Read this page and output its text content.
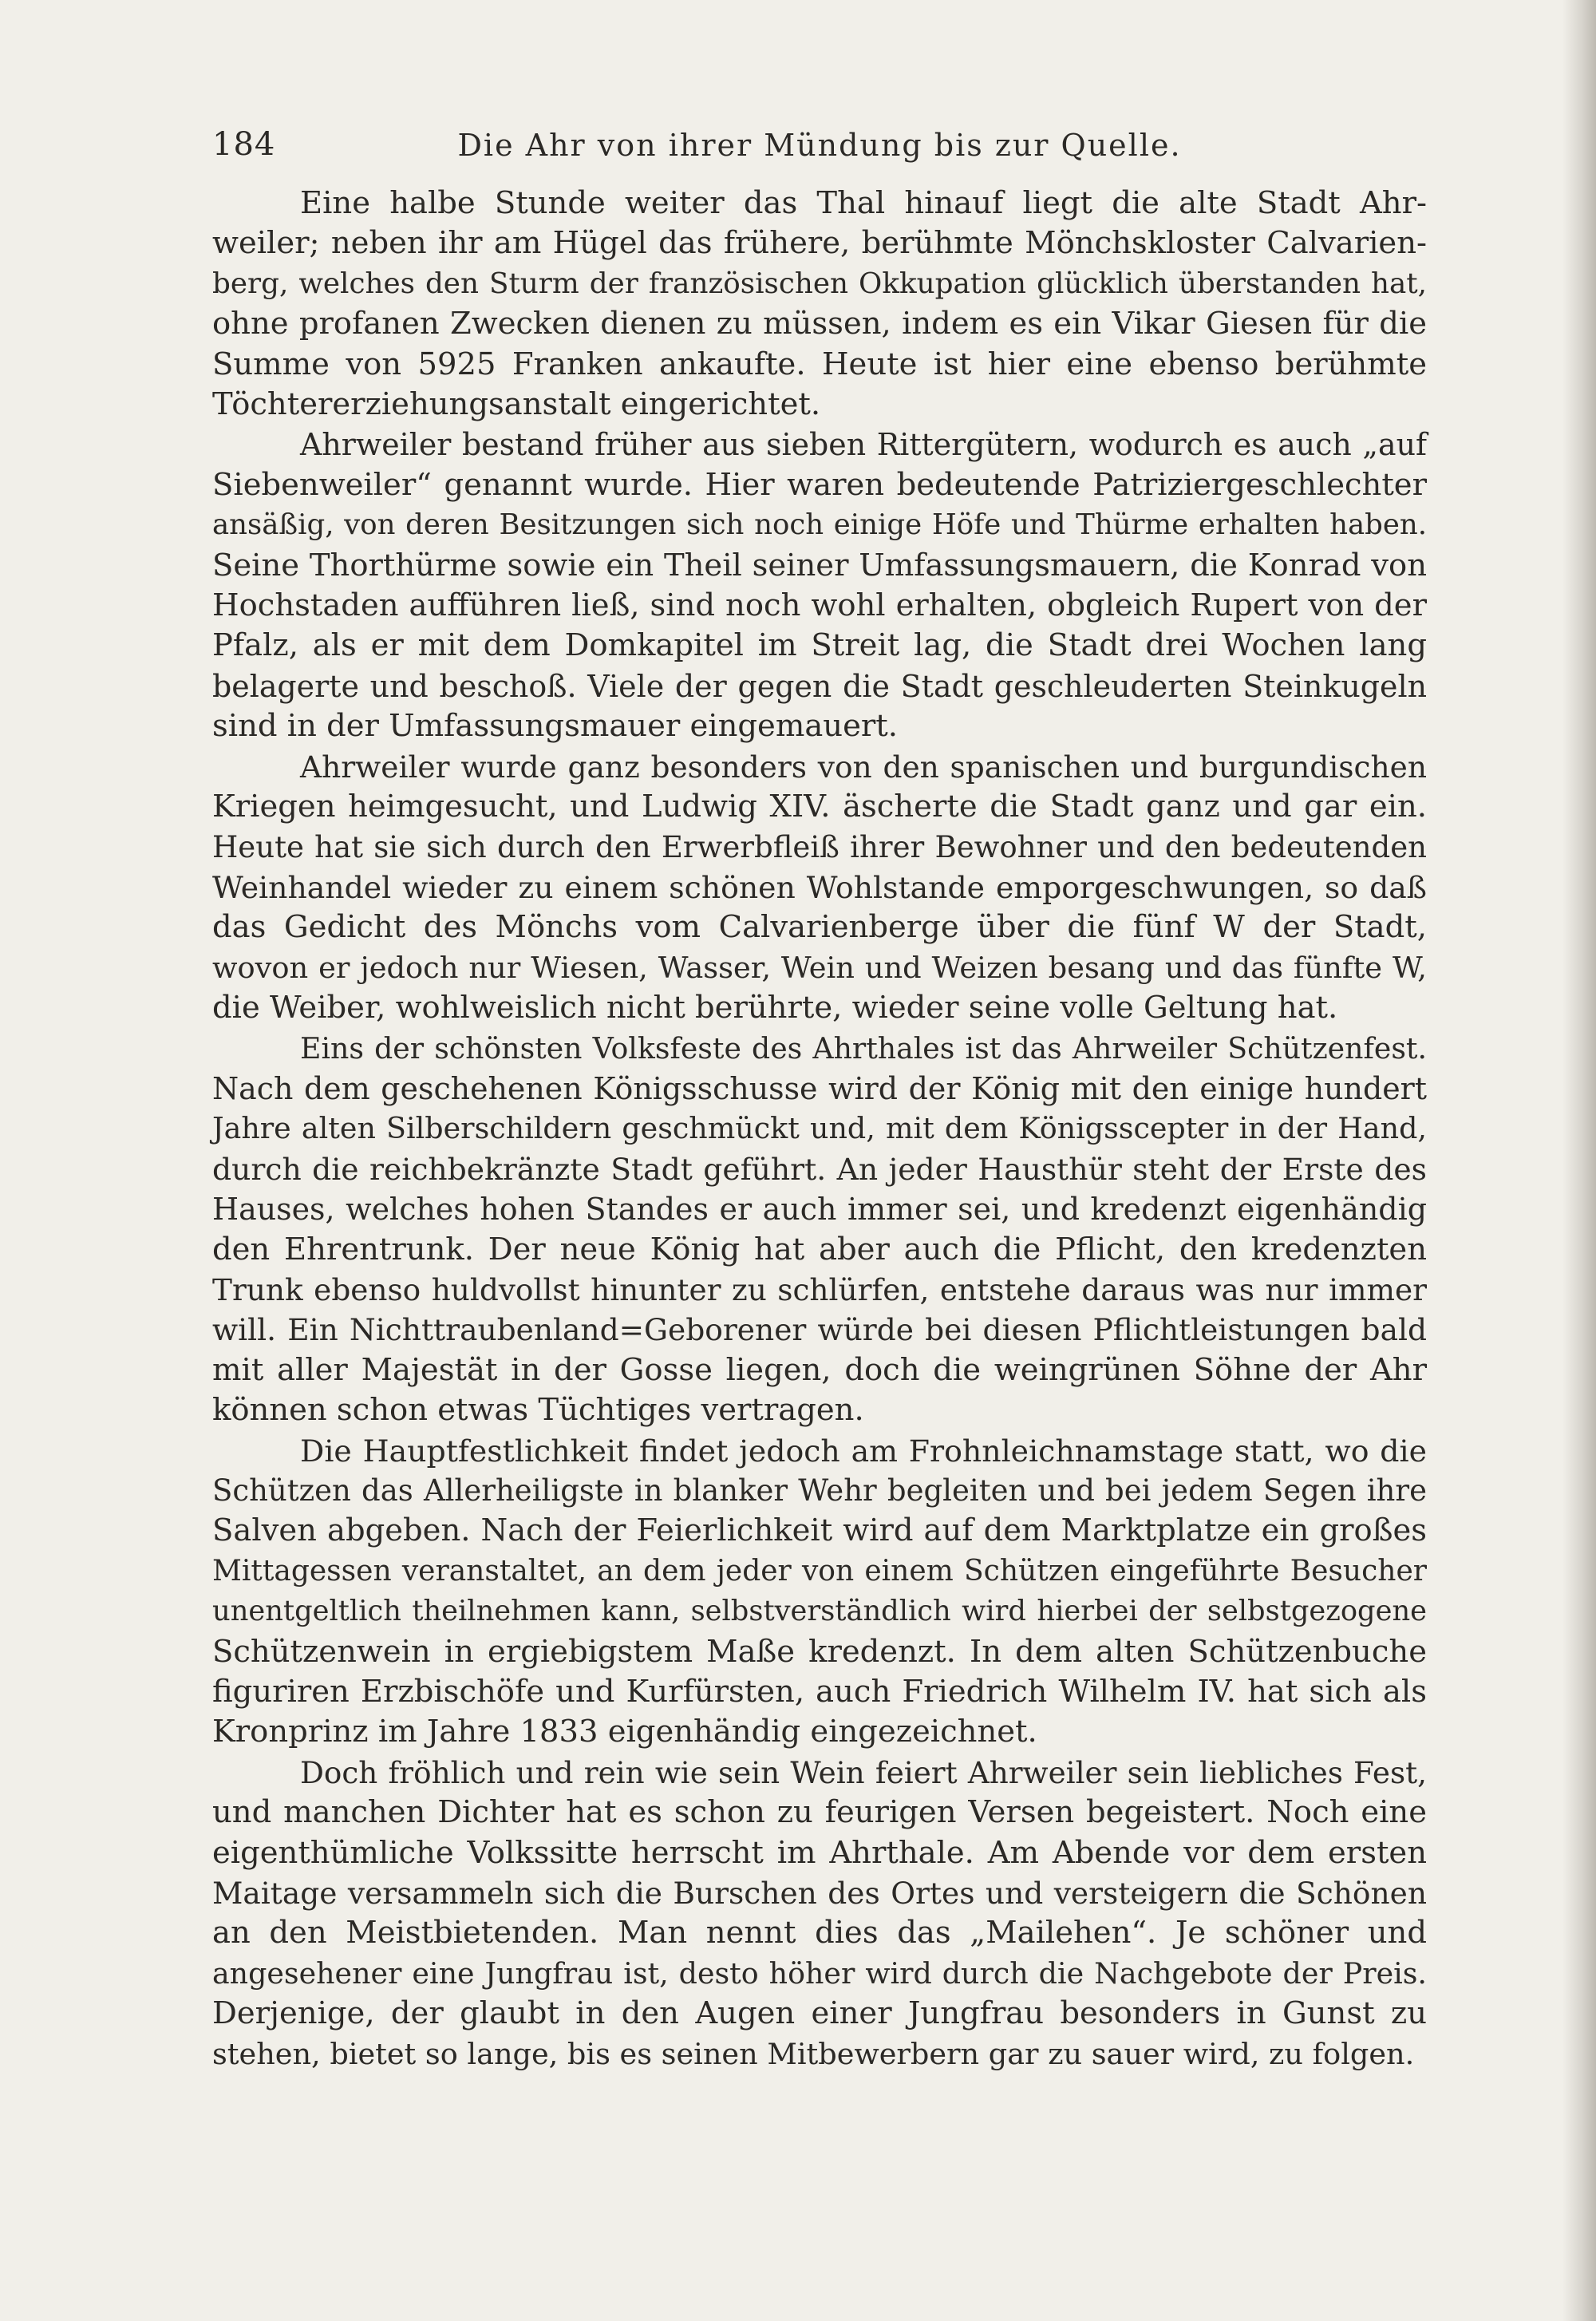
184	Die Ahr von ihrer Mündung bis zur Quelle.
Eine halbe Stunde weiter das Thal hinauf liegt die alte Stadt Ahr-
weiler; neben ihr am Hügel das frühere, berühmte Mönchskloster Calvarien-
berg, welches den Sturm der französischen Okkupation glücklich überstanden hat,
ohne profanen Zwecken dienen zu müssen, indem es ein Vikar Giesen für die
Summe von 5925 Franken ankaufte. Heute ist hier eine ebenso berühmte
Töchtererziehungsanstalt eingerichtet.
Ahrweiler bestand früher aus sieben Rittergütern, wodurch es auch „auf
Siebenweiler“ genannt wurde. Hier waren bedeutende Patriziergeschlechter
ansäßig, von deren Besitzungen sich noch einige Höfe und Thürme erhalten haben.
Seine Thorthürme sowie ein Theil seiner Umfassungsmauern, die Konrad von
Hochstaden aufführen ließ, sind noch wohl erhalten, obgleich Rupert von der
Pfalz, als er mit dem Domkapitel im Streit lag, die Stadt drei Wochen lang
belagerte und beschoß. Viele der gegen die Stadt geschleuderten Steinkugeln
sind in der Umfassungsmauer eingemauert.
Ahrweiler wurde ganz besonders von den spanischen und burgundischen
Kriegen heimgesucht, und Ludwig XIV. äscherte die Stadt ganz und gar ein.
Heute hat sie sich durch den Erwerbfleiß ihrer Bewohner und den bedeutenden
Weinhandel wieder zu einem schönen Wohlstande emporgeschwungen, so daß
das Gedicht des Mönchs vom Calvarienberge über die fünf W der Stadt,
wovon er jedoch nur Wiesen, Wasser, Wein und Weizen besang und das fünfte W,
die Weiber, wohlweislich nicht berührte, wieder seine volle Geltung hat.
Eins der schönsten Volksfeste des Ahrthales ist das Ahrweiler Schützenfest.
Nach dem geschehenen Königsschusse wird der König mit den einige hundert
Jahre alten Silberschildern geschmückt und, mit dem Königsscepter in der Hand,
durch die reichbekränzte Stadt geführt. An jeder Hausthür steht der Erste des
Hauses, welches hohen Standes er auch immer sei, und kredenzt eigenhändig
den Ehrentrunk. Der neue König hat aber auch die Pflicht, den kredenzten
Trunk ebenso huldvollst hinunter zu schlürfen, entstehe daraus was nur immer
will. Ein Nichttraubenland=Geborener würde bei diesen Pflichtleistungen bald
mit aller Majestät in der Gosse liegen, doch die weingrünen Söhne der Ahr
können schon etwas Tüchtiges vertragen.
Die Hauptfestlichkeit findet jedoch am Frohnleichnamstage statt, wo die
Schützen das Allerheiligste in blanker Wehr begleiten und bei jedem Segen ihre
Salven abgeben. Nach der Feierlichkeit wird auf dem Marktplatze ein großes
Mittagessen veranstaltet, an dem jeder von einem Schützen eingeführte Besucher
unentgeltlich theilnehmen kann, selbstverständlich wird hierbei der selbstgezogene
Schützenwein in ergiebigstem Maße kredenzt. In dem alten Schützenbuche
figuriren Erzbischöfe und Kurfürsten, auch Friedrich Wilhelm IV. hat sich als
Kronprinz im Jahre 1833 eigenhändig eingezeichnet.
Doch fröhlich und rein wie sein Wein feiert Ahrweiler sein liebliches Fest,
und manchen Dichter hat es schon zu feurigen Versen begeistert. Noch eine
eigenthümliche Volkssitte herrscht im Ahrthale. Am Abende vor dem ersten
Maitage versammeln sich die Burschen des Ortes und versteigern die Schönen
an den Meistbietenden. Man nennt dies das „Mailehen“. Je schöner und
angesehener eine Jungfrau ist, desto höher wird durch die Nachgebote der Preis.
Derjenige, der glaubt in den Augen einer Jungfrau besonders in Gunst zu
stehen, bietet so lange, bis es seinen Mitbewerbern gar zu sauer wird, zu folgen.
